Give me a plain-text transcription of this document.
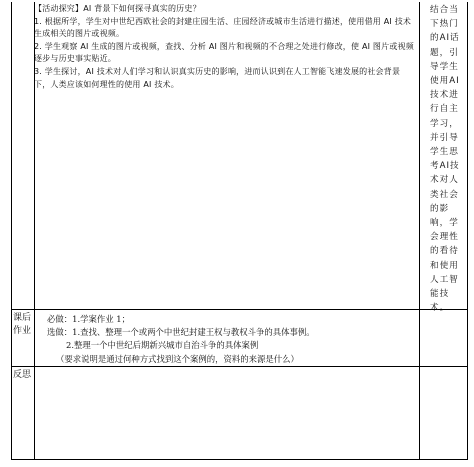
【活动探究】AI 背景下如何探寻真实的历史？

1. 根据所学，学生对中世纪西欧社会的封建庄园生活、庄园经济或城市生活进行描述，使用借用 AI 技术生成相关的图片或视频。

2. 学生观察 AI 生成的图片或视频，查找、分析 AI 图片和视频的不合理之处进行修改，使 AI 图片或视频逐步与历史事实贴近。

3. 学生探讨，AI 技术对人们学习和认识真实历史的影响，进而认识到在人工智能飞速发展的社会背景下，人类应该如何理性的使用 AI 技术。

结合当下热门的AI话题，引导学生使用AI技术进行自主学习，并引导学生思考AI技术对人类社会的影响，学会理性的看待和使用人工智能技术。
课后作业

必做：1.学案作业 1；

选做：1.查找、整理一个或两个中世纪封建王权与教权斗争的具体事例。

2.整理一个中世纪后期新兴城市自治斗争的具体案例

（要求说明是通过何种方式找到这个案例的，资料的来源是什么）

反思
